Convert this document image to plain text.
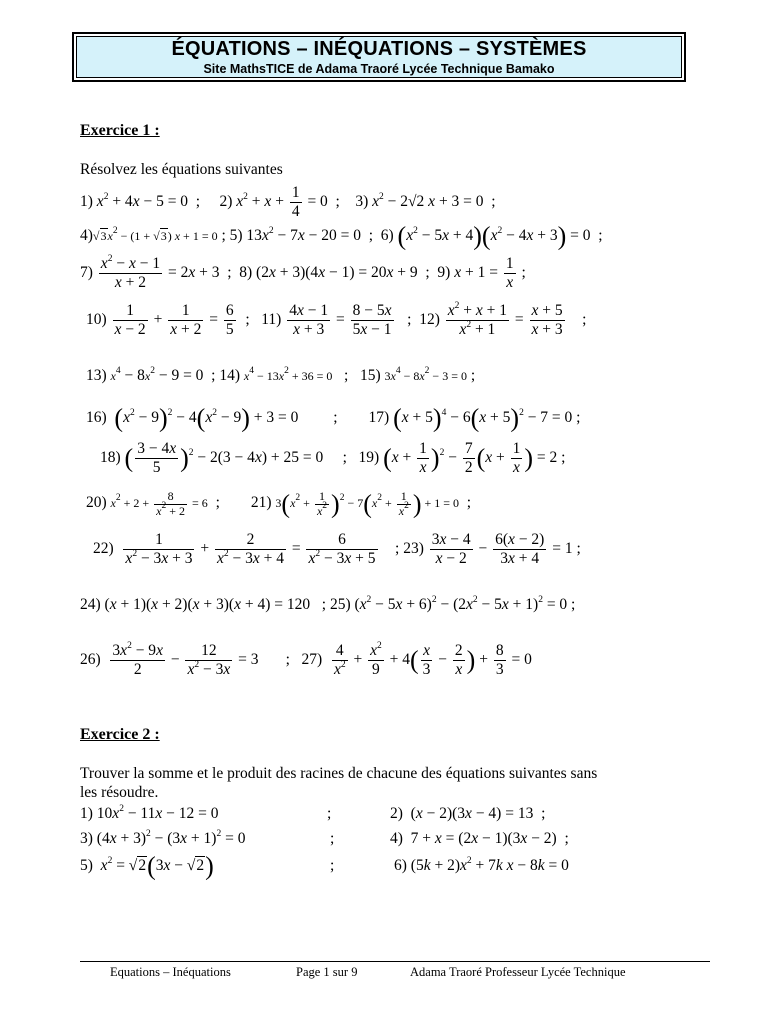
ÉQUATIONS – INÉQUATIONS – SYSTÈMES
Site MathsTICE de Adama Traoré Lycée Technique Bamako
Exercice 1 :
Résolvez les équations suivantes
1) $x^2 + 4x - 5 = 0$  ;     2) $x^2 + x + \frac{1}{4} = 0$  ;    3) $x^2 - 2√2$ x + 3 = 0  ;
$4)√3x^2 - (1 + √3)$ x + 1 = 0 ; 5) $13x^2 - 7x - 20 = 0$  ;  6) $(x^2 - 5x + 4)(x^2 - 4x + 3) = 0$  ;
$7) \frac{x^2 - x - 1}{x + 2} = 2x + 3$  ;  8) (2x + 3)(4x − 1) = 20x + 9  ;  9) $x + 1 = \frac{1}{x}$ ;
$10) \frac{1}{x - 2} + \frac{1}{x + 2} = \frac{6}{5}$ ;   $11) \frac{4x - 1}{x + 3} = \frac{8 - 5x}{5x - 1}$ ;  $12) \frac{x^2 + x + 1}{x^2 + 1} = \frac{x + 5}{x + 3}$ ;
13) $x^4 - 8x^2 - 9 = 0$  ; 14) $x^4 - 13x^2 + 36 = 0$   ;   15) $3x^4 - 8x^2 - 3 = 0$ ;
16)  $(x^2 - 9)^2 - 4(x^2 - 9) + 3 = 0$         ;        17) $(x + 5)^4 - 6(x + 5)^2 - 7 = 0$ ;
18) ( $\frac{3 - 4x}{5} )^2 - 2(3 - 4x) + 25 = 0$     ;   19) $(x + \frac{1}{x} )^2 - \frac{7}{2} (x + \frac{1}{x}$ ) = 2 ;
20) $x^2 + 2 + \frac{8}{x^2 + 2} = 6$  ;        21) $3(x^2 + \frac{1}{x^2} )^2 - 7(x^2 + \frac{1}{x^2}$ ) + 1 = 0  ;
$22) \frac{1}{x^2 - 3x + 3} + \frac{2}{x^2 - 3x + 4} = \frac{6}{x^2 - 3x + 5}$ ; $23) \frac{3x - 4}{x - 2} - \frac{6(x - 2)}{3x + 4} = 1$ ;
24) (x + 1)(x + 2)(x + 3)(x + 4) = 120   ; 25) $(x^2 - 5x + 6)^2 - (2x^2 - 5x + 1)^2 = 0$ ;
$26) \frac{3x^2 - 9x}{2} - \frac{12}{x^2 - 3x} = 3$       ;   $27) \frac{4}{x^2} + \frac{x^2}{9} + 4( \frac{x}{3} - \frac{2}{x}$ ) + $\frac{8}{3} = 0$
Exercice 2 :
Trouver la somme et le produit des racines de chacune des équations suivantes sans
les résoudre.
1) $10x^2 - 11x - 12 = 0$	;	2)  (x − 2)(3x − 4) = 13  ;
3) $(4x + 3)^2 - (3x + 1)^2 = 0$	;	4)  7 + x = (2x − 1)(3x − 2)  ;
5)  $x^2 = √2(3x - √2)$	;	6) $(5k + 2)x^2 + 7k$ x − 8k = 0
Equations – Inéquations	Page 1 sur 9	Adama Traoré Professeur Lycée Technique
